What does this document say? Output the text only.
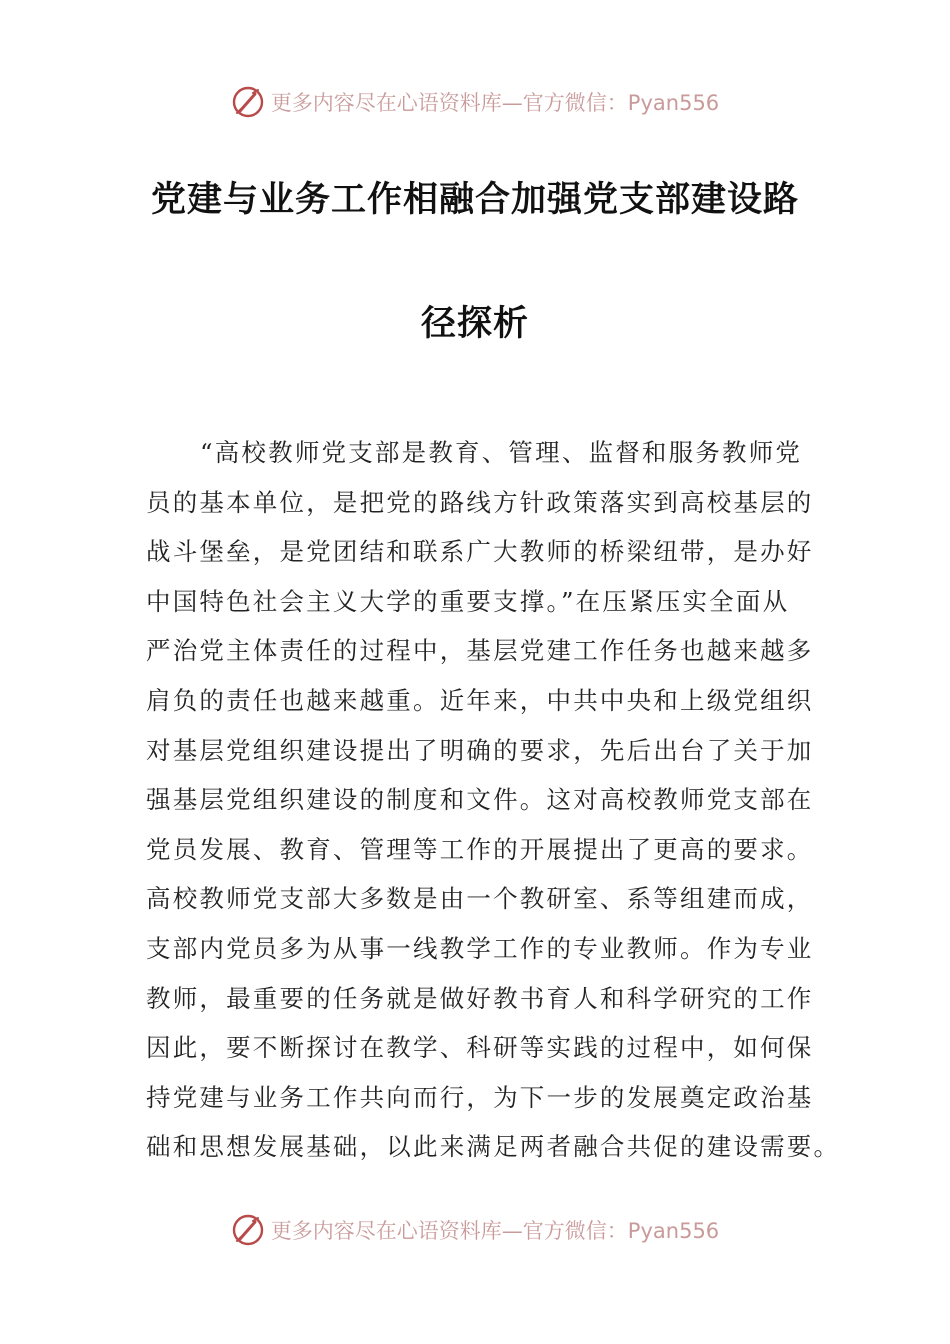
更多内容尽在心语资料库—官方微信：Pyan556
党建与业务工作相融合加强党支部建设路
径探析
“高校教师党支部是教育、管理、监督和服务教师党
员的基本单位，是把党的路线方针政策落实到高校基层的
战斗堡垒，是党团结和联系广大教师的桥梁纽带，是办好
中国特色社会主义大学的重要支撑。”在压紧压实全面从
严治党主体责任的过程中，基层党建工作任务也越来越多
肩负的责任也越来越重。近年来，中共中央和上级党组织
对基层党组织建设提出了明确的要求，先后出台了关于加
强基层党组织建设的制度和文件。这对高校教师党支部在
党员发展、教育、管理等工作的开展提出了更高的要求。
高校教师党支部大多数是由一个教研室、系等组建而成，
支部内党员多为从事一线教学工作的专业教师。作为专业
教师，最重要的任务就是做好教书育人和科学研究的工作
因此，要不断探讨在教学、科研等实践的过程中，如何保
持党建与业务工作共向而行，为下一步的发展奠定政治基
础和思想发展基础，以此来满足两者融合共促的建设需要。
更多内容尽在心语资料库—官方微信：Pyan556
